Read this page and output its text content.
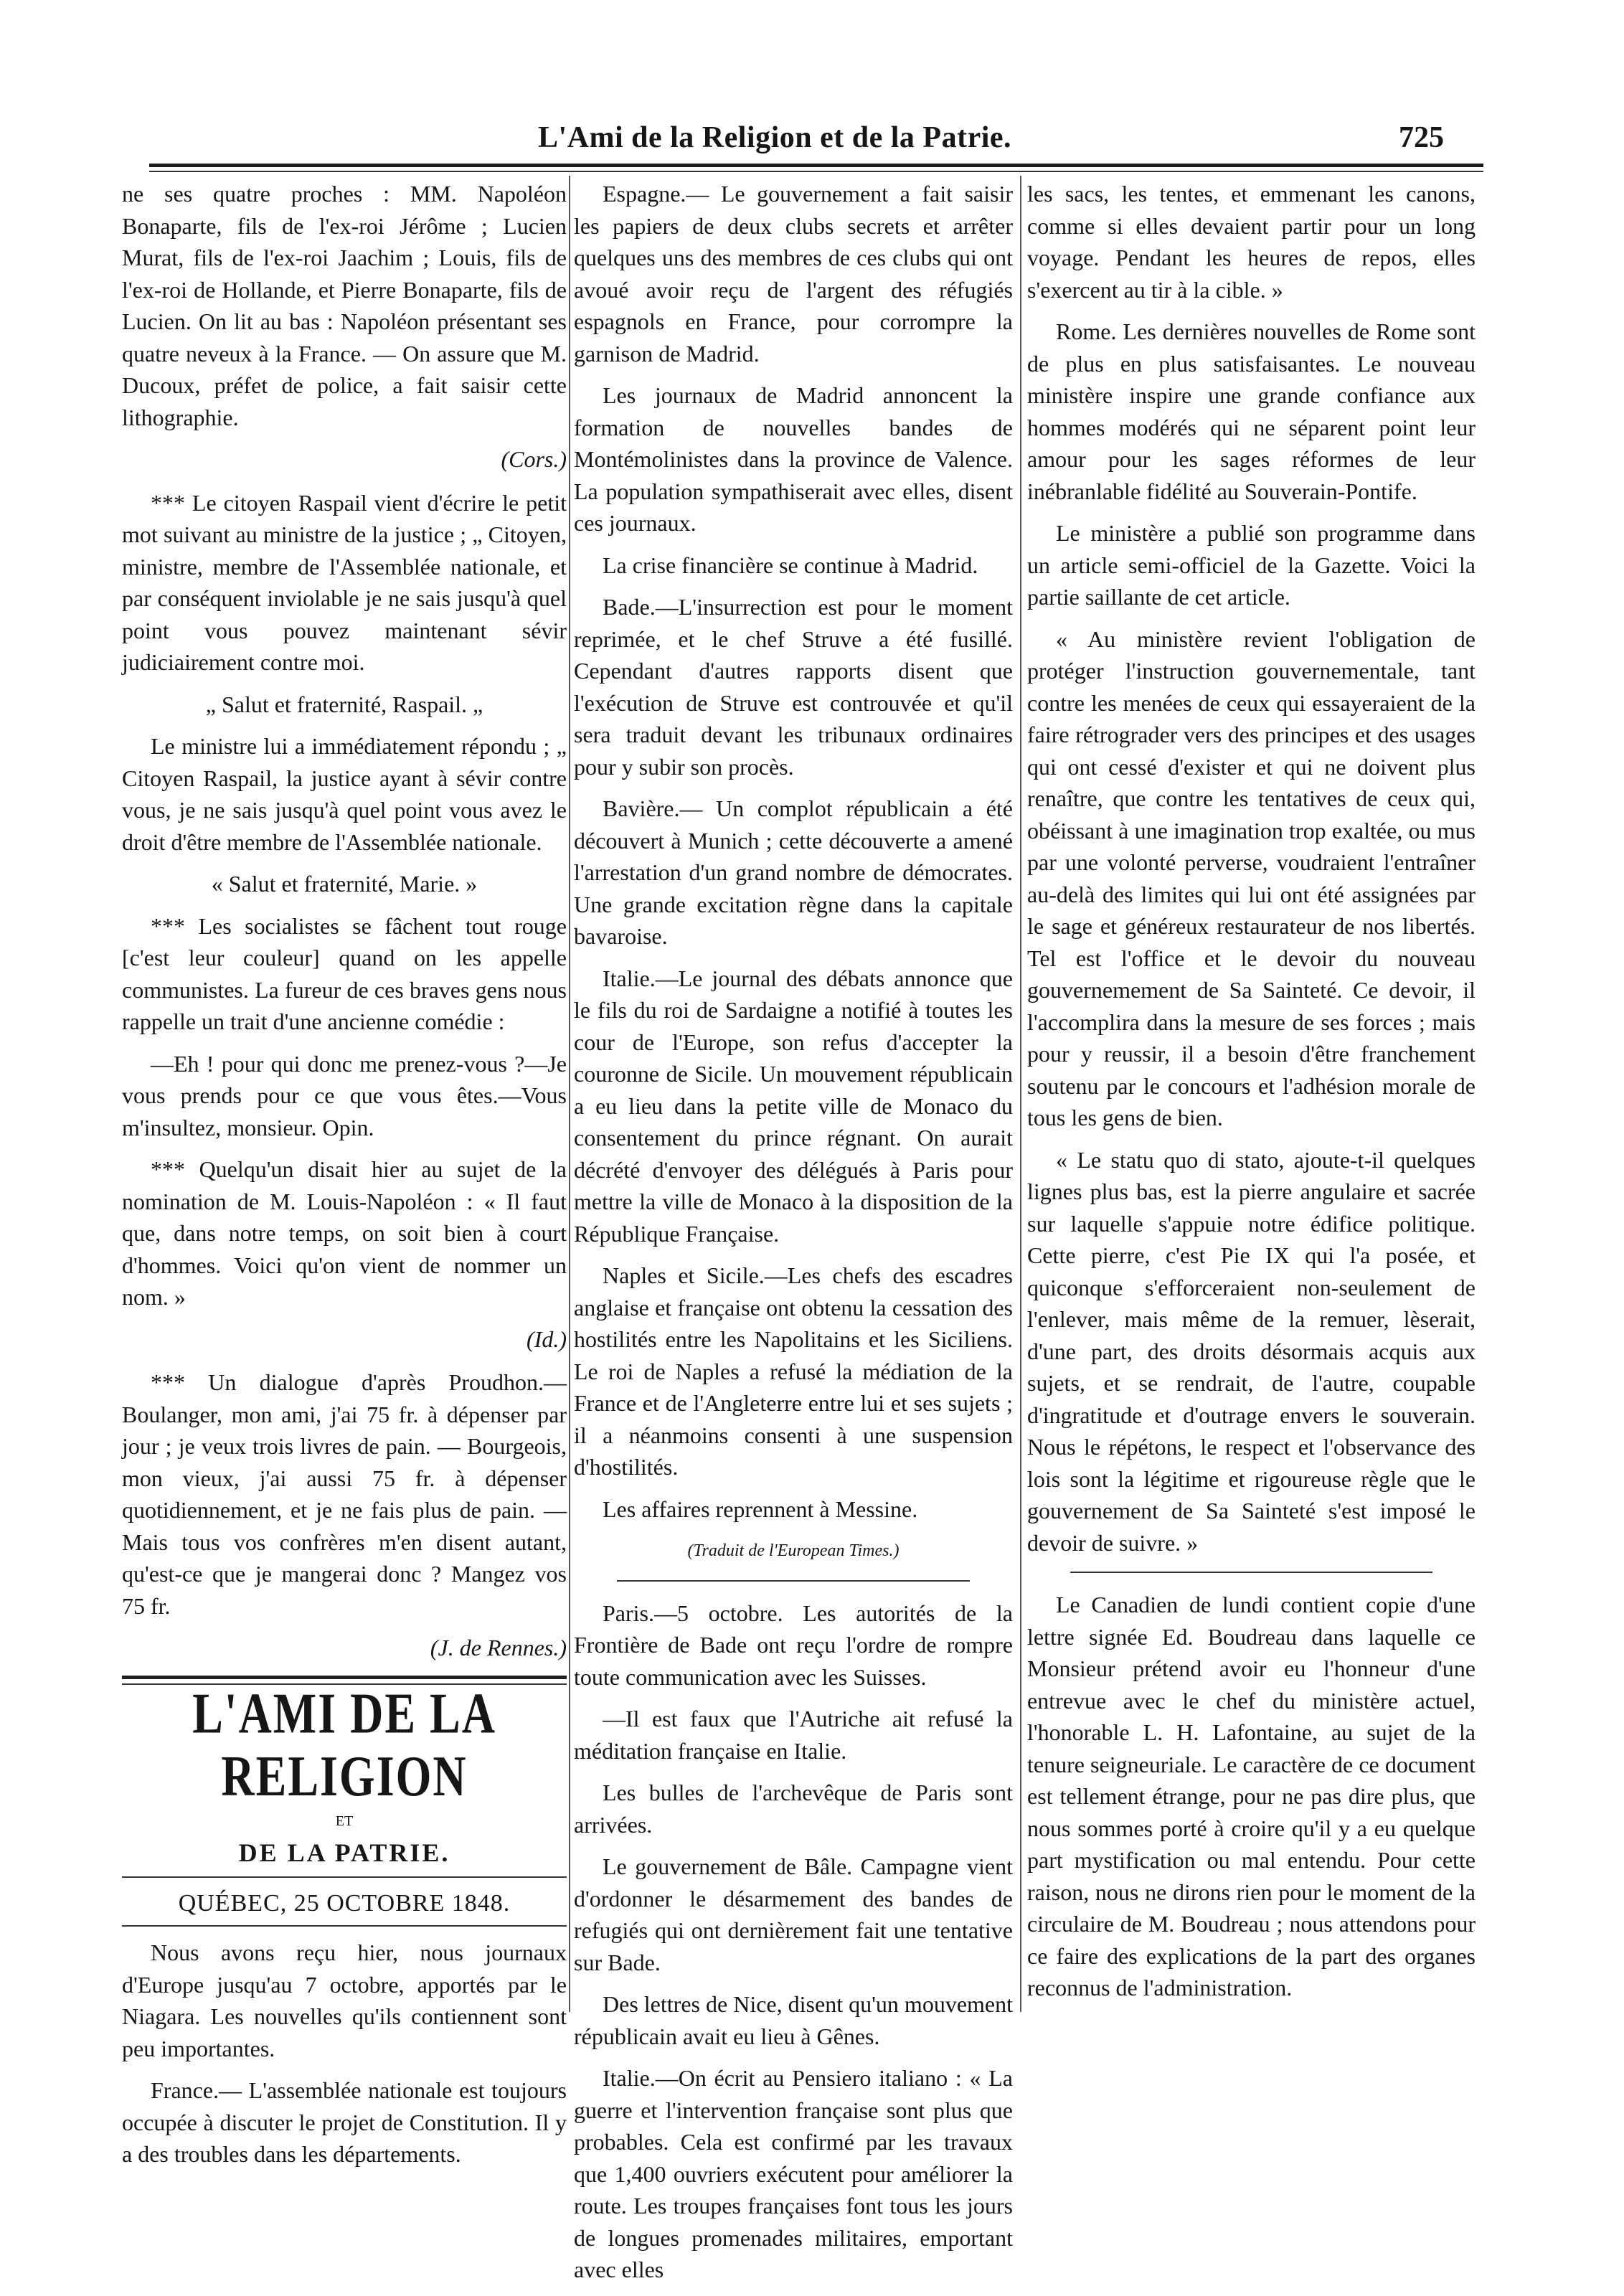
L'Ami de la Religion et de la Patrie.	725

ne ses quatre proches : MM. Napoléon Bonaparte, fils de l'ex-roi Jérôme ; Lucien Murat, fils de l'ex-roi Jaachim ; Louis, fils de l'ex-roi de Hollande, et Pierre Bonaparte, fils de Lucien. On lit au bas : Napoléon présentant ses quatre neveux à la France. — On assure que M. Ducoux, préfet de police, a fait saisir cette lithographie.

(Cors.)

*** Le citoyen Raspail vient d'écrire le petit mot suivant au ministre de la justice ; „ Citoyen, ministre, membre de l'Assemblée nationale, et par conséquent inviolable je ne sais jusqu'à quel point vous pouvez maintenant sévir judiciairement contre moi.

„ Salut et fraternité, Raspail. „

Le ministre lui a immédiatement répondu ; „ Citoyen Raspail, la justice ayant à sévir contre vous, je ne sais jusqu'à quel point vous avez le droit d'être membre de l'Assemblée nationale.

« Salut et fraternité, Marie. »

*** Les socialistes se fâchent tout rouge [c'est leur couleur] quand on les appelle communistes. La fureur de ces braves gens nous rappelle un trait d'une ancienne comédie :

—Eh ! pour qui donc me prenez-vous ?—Je vous prends pour ce que vous êtes.—Vous m'insultez, monsieur. Opin.

*** Quelqu'un disait hier au sujet de la nomination de M. Louis-Napoléon : « Il faut que, dans notre temps, on soit bien à court d'hommes. Voici qu'on vient de nommer un nom. »

(Id.)

*** Un dialogue d'après Proudhon.—Boulanger, mon ami, j'ai 75 fr. à dépenser par jour ; je veux trois livres de pain. — Bourgeois, mon vieux, j'ai aussi 75 fr. à dépenser quotidiennement, et je ne fais plus de pain. — Mais tous vos confrères m'en disent autant, qu'est-ce que je mangerai donc ? Mangez vos 75 fr.

(J. de Rennes.)
L'AMI DE LA RELIGION
ET
DE LA PATRIE.
QUÉBEC, 25 OCTOBRE 1848.

Nous avons reçu hier, nous journaux d'Europe jusqu'au 7 octobre, apportés par le Niagara. Les nouvelles qu'ils contiennent sont peu importantes.

France.— L'assemblée nationale est toujours occupée à discuter le projet de Constitution. Il y a des troubles dans les départements.

Espagne.— Le gouvernement a fait saisir les papiers de deux clubs secrets et arrêter quelques uns des membres de ces clubs qui ont avoué avoir reçu de l'argent des réfugiés espagnols en France, pour corrompre la garnison de Madrid.

Les journaux de Madrid annoncent la formation de nouvelles bandes de Montémolinistes dans la province de Valence. La population sympathiserait avec elles, disent ces journaux.

La crise financière se continue à Madrid.

Bade.—L'insurrection est pour le moment reprimée, et le chef Struve a été fusillé. Cependant d'autres rapports disent que l'exécution de Struve est controuvée et qu'il sera traduit devant les tribunaux ordinaires pour y subir son procès.

Bavière.— Un complot républicain a été découvert à Munich ; cette découverte a amené l'arrestation d'un grand nombre de démocrates. Une grande excitation règne dans la capitale bavaroise.

Italie.—Le journal des débats annonce que le fils du roi de Sardaigne a notifié à toutes les cour de l'Europe, son refus d'accepter la couronne de Sicile. Un mouvement républicain a eu lieu dans la petite ville de Monaco du consentement du prince régnant. On aurait décrété d'envoyer des délégués à Paris pour mettre la ville de Monaco à la disposition de la République Française.

Naples et Sicile.—Les chefs des escadres anglaise et française ont obtenu la cessation des hostilités entre les Napolitains et les Siciliens. Le roi de Naples a refusé la médiation de la France et de l'Angleterre entre lui et ses sujets ; il a néanmoins consenti à une suspension d'hostilités.

Les affaires reprennent à Messine.

(Traduit de l'European Times.)

Paris.—5 octobre. Les autorités de la Frontière de Bade ont reçu l'ordre de rompre toute communication avec les Suisses.

—Il est faux que l'Autriche ait refusé la méditation française en Italie.

Les bulles de l'archevêque de Paris sont arrivées.

Le gouvernement de Bâle. Campagne vient d'ordonner le désarmement des bandes de refugiés qui ont dernièrement fait une tentative sur Bade.

Des lettres de Nice, disent qu'un mouvement républicain avait eu lieu à Gênes.

Italie.—On écrit au Pensiero italiano : « La guerre et l'intervention française sont plus que probables. Cela est confirmé par les travaux que 1,400 ouvriers exécutent pour améliorer la route. Les troupes françaises font tous les jours de longues promenades militaires, emportant avec elles

les sacs, les tentes, et emmenant les canons, comme si elles devaient partir pour un long voyage. Pendant les heures de repos, elles s'exercent au tir à la cible. »

Rome. Les dernières nouvelles de Rome sont de plus en plus satisfaisantes. Le nouveau ministère inspire une grande confiance aux hommes modérés qui ne séparent point leur amour pour les sages réformes de leur inébranlable fidélité au Souverain-Pontife.

Le ministère a publié son programme dans un article semi-officiel de la Gazette. Voici la partie saillante de cet article.

« Au ministère revient l'obligation de protéger l'instruction gouvernementale, tant contre les menées de ceux qui essayeraient de la faire rétrograder vers des principes et des usages qui ont cessé d'exister et qui ne doivent plus renaître, que contre les tentatives de ceux qui, obéissant à une imagination trop exaltée, ou mus par une volonté perverse, voudraient l'entraîner au-delà des limites qui lui ont été assignées par le sage et généreux restaurateur de nos libertés. Tel est l'office et le devoir du nouveau gouvernemement de Sa Sainteté. Ce devoir, il l'accomplira dans la mesure de ses forces ; mais pour y reussir, il a besoin d'être franchement soutenu par le concours et l'adhésion morale de tous les gens de bien.

« Le statu quo di stato, ajoute-t-il quelques lignes plus bas, est la pierre angulaire et sacrée sur laquelle s'appuie notre édifice politique. Cette pierre, c'est Pie IX qui l'a posée, et quiconque s'efforceraient non-seulement de l'enlever, mais même de la remuer, lèserait, d'une part, des droits désormais acquis aux sujets, et se rendrait, de l'autre, coupable d'ingratitude et d'outrage envers le souverain. Nous le répétons, le respect et l'observance des lois sont la légitime et rigoureuse règle que le gouvernement de Sa Sainteté s'est imposé le devoir de suivre. »

Le Canadien de lundi contient copie d'une lettre signée Ed. Boudreau dans laquelle ce Monsieur prétend avoir eu l'honneur d'une entrevue avec le chef du ministère actuel, l'honorable L. H. Lafontaine, au sujet de la tenure seigneuriale. Le caractère de ce document est tellement étrange, pour ne pas dire plus, que nous sommes porté à croire qu'il y a eu quelque part mystification ou mal entendu. Pour cette raison, nous ne dirons rien pour le moment de la circulaire de M. Boudreau ; nous attendons pour ce faire des explications de la part des organes reconnus de l'administration.
